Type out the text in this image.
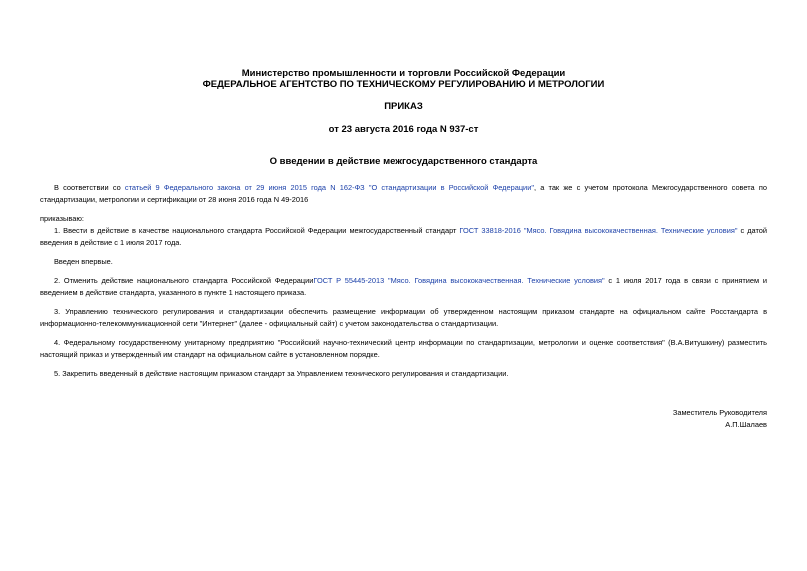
Министерство промышленности и торговли Российской Федерации
ФЕДЕРАЛЬНОЕ АГЕНТСТВО ПО ТЕХНИЧЕСКОМУ РЕГУЛИРОВАНИЮ И МЕТРОЛОГИИ
ПРИКАЗ
от 23 августа 2016 года N 937-ст
О введении в действие межгосударственного стандарта
В соответствии со статьей 9 Федерального закона от 29 июня 2015 года N 162-ФЗ "О стандартизации в Российской Федерации", а так же с учетом протокола Межгосударственного совета по стандартизации, метрологии и сертификации от 28 июня 2016 года N 49-2016
приказываю:
1. Ввести в действие в качестве национального стандарта Российской Федерации межгосударственный стандарт ГОСТ 33818-2016 "Мясо. Говядина высококачественная. Технические условия" с датой введения в действие с 1 июля 2017 года.
Введен впервые.
2. Отменить действие национального стандарта Российской ФедерацииГОСТ Р 55445-2013 "Мясо. Говядина высококачественная. Технические условия" с 1 июля 2017 года в связи с принятием и введением в действие стандарта, указанного в пункте 1 настоящего приказа.
3. Управлению технического регулирования и стандартизации обеспечить размещение информации об утвержденном настоящим приказом стандарте на официальном сайте Росстандарта в информационно-телекоммуникационной сети "Интернет" (далее - официальный сайт) с учетом законодательства о стандартизации.
4. Федеральному государственному унитарному предприятию "Российский научно-технический центр информации по стандартизации, метрологии и оценке соответствия" (В.А.Витушкину) разместить настоящий приказ и утвержденный им стандарт на официальном сайте в установленном порядке.
5. Закрепить введенный в действие настоящим приказом стандарт за Управлением технического регулирования и стандартизации.
Заместитель Руководителя
А.П.Шалаев
